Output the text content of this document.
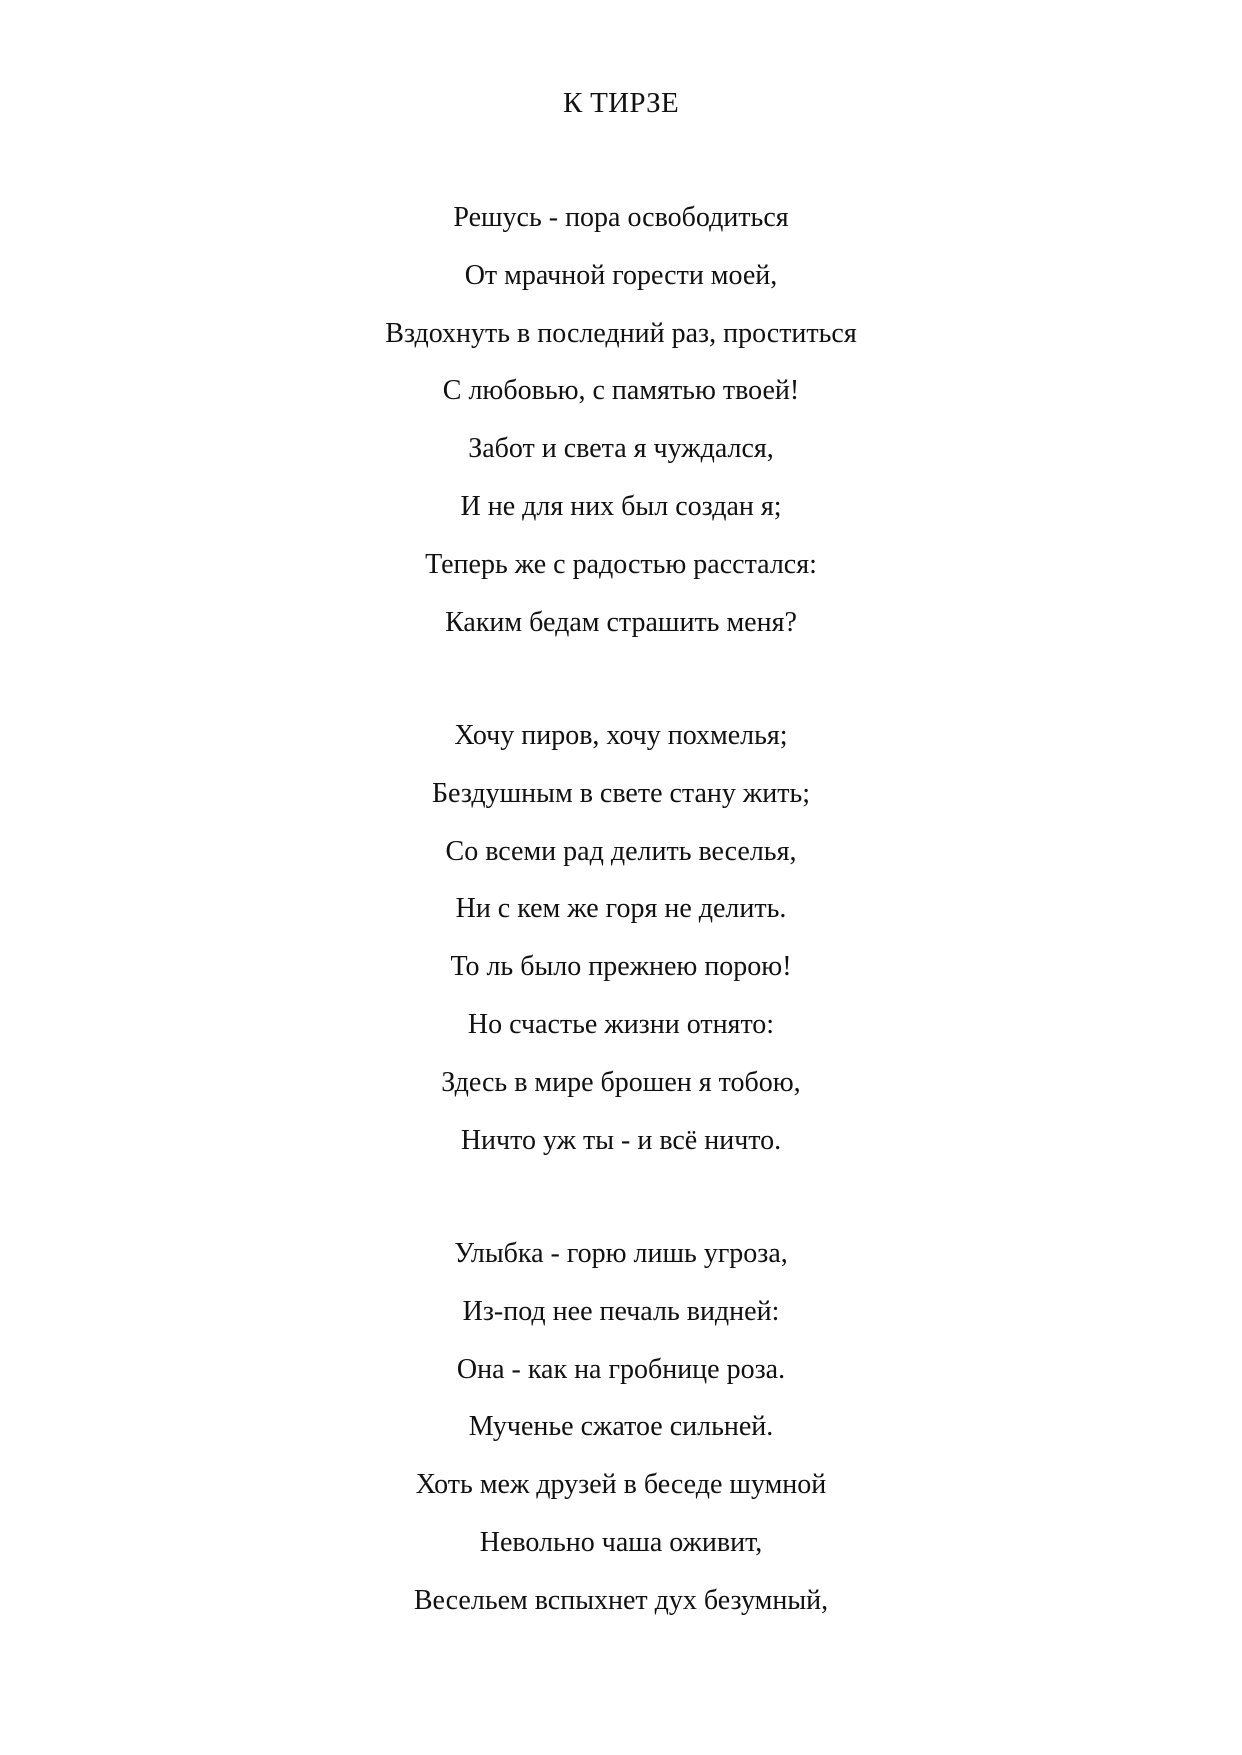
К ТИРЗЕ
Решусь - пора освободиться
От мрачной горести моей,
Вздохнуть в последний раз, проститься
С любовью, с памятью твоей!
Забот и света я чуждался,
И не для них был создан я;
Теперь же с радостью расстался:
Каким бедам страшить меня?
Хочу пиров, хочу похмелья;
Бездушным в свете стану жить;
Со всеми рад делить веселья,
Ни с кем же горя не делить.
То ль было прежнею порою!
Но счастье жизни отнято:
Здесь в мире брошен я тобою,
Ничто уж ты - и всё ничто.
Улыбка - горю лишь угроза,
Из-под нее печаль видней:
Она - как на гробнице роза.
Мученье сжатое сильней.
Хоть меж друзей в беседе шумной
Невольно чаша оживит,
Весельем вспыхнет дух безумный,
